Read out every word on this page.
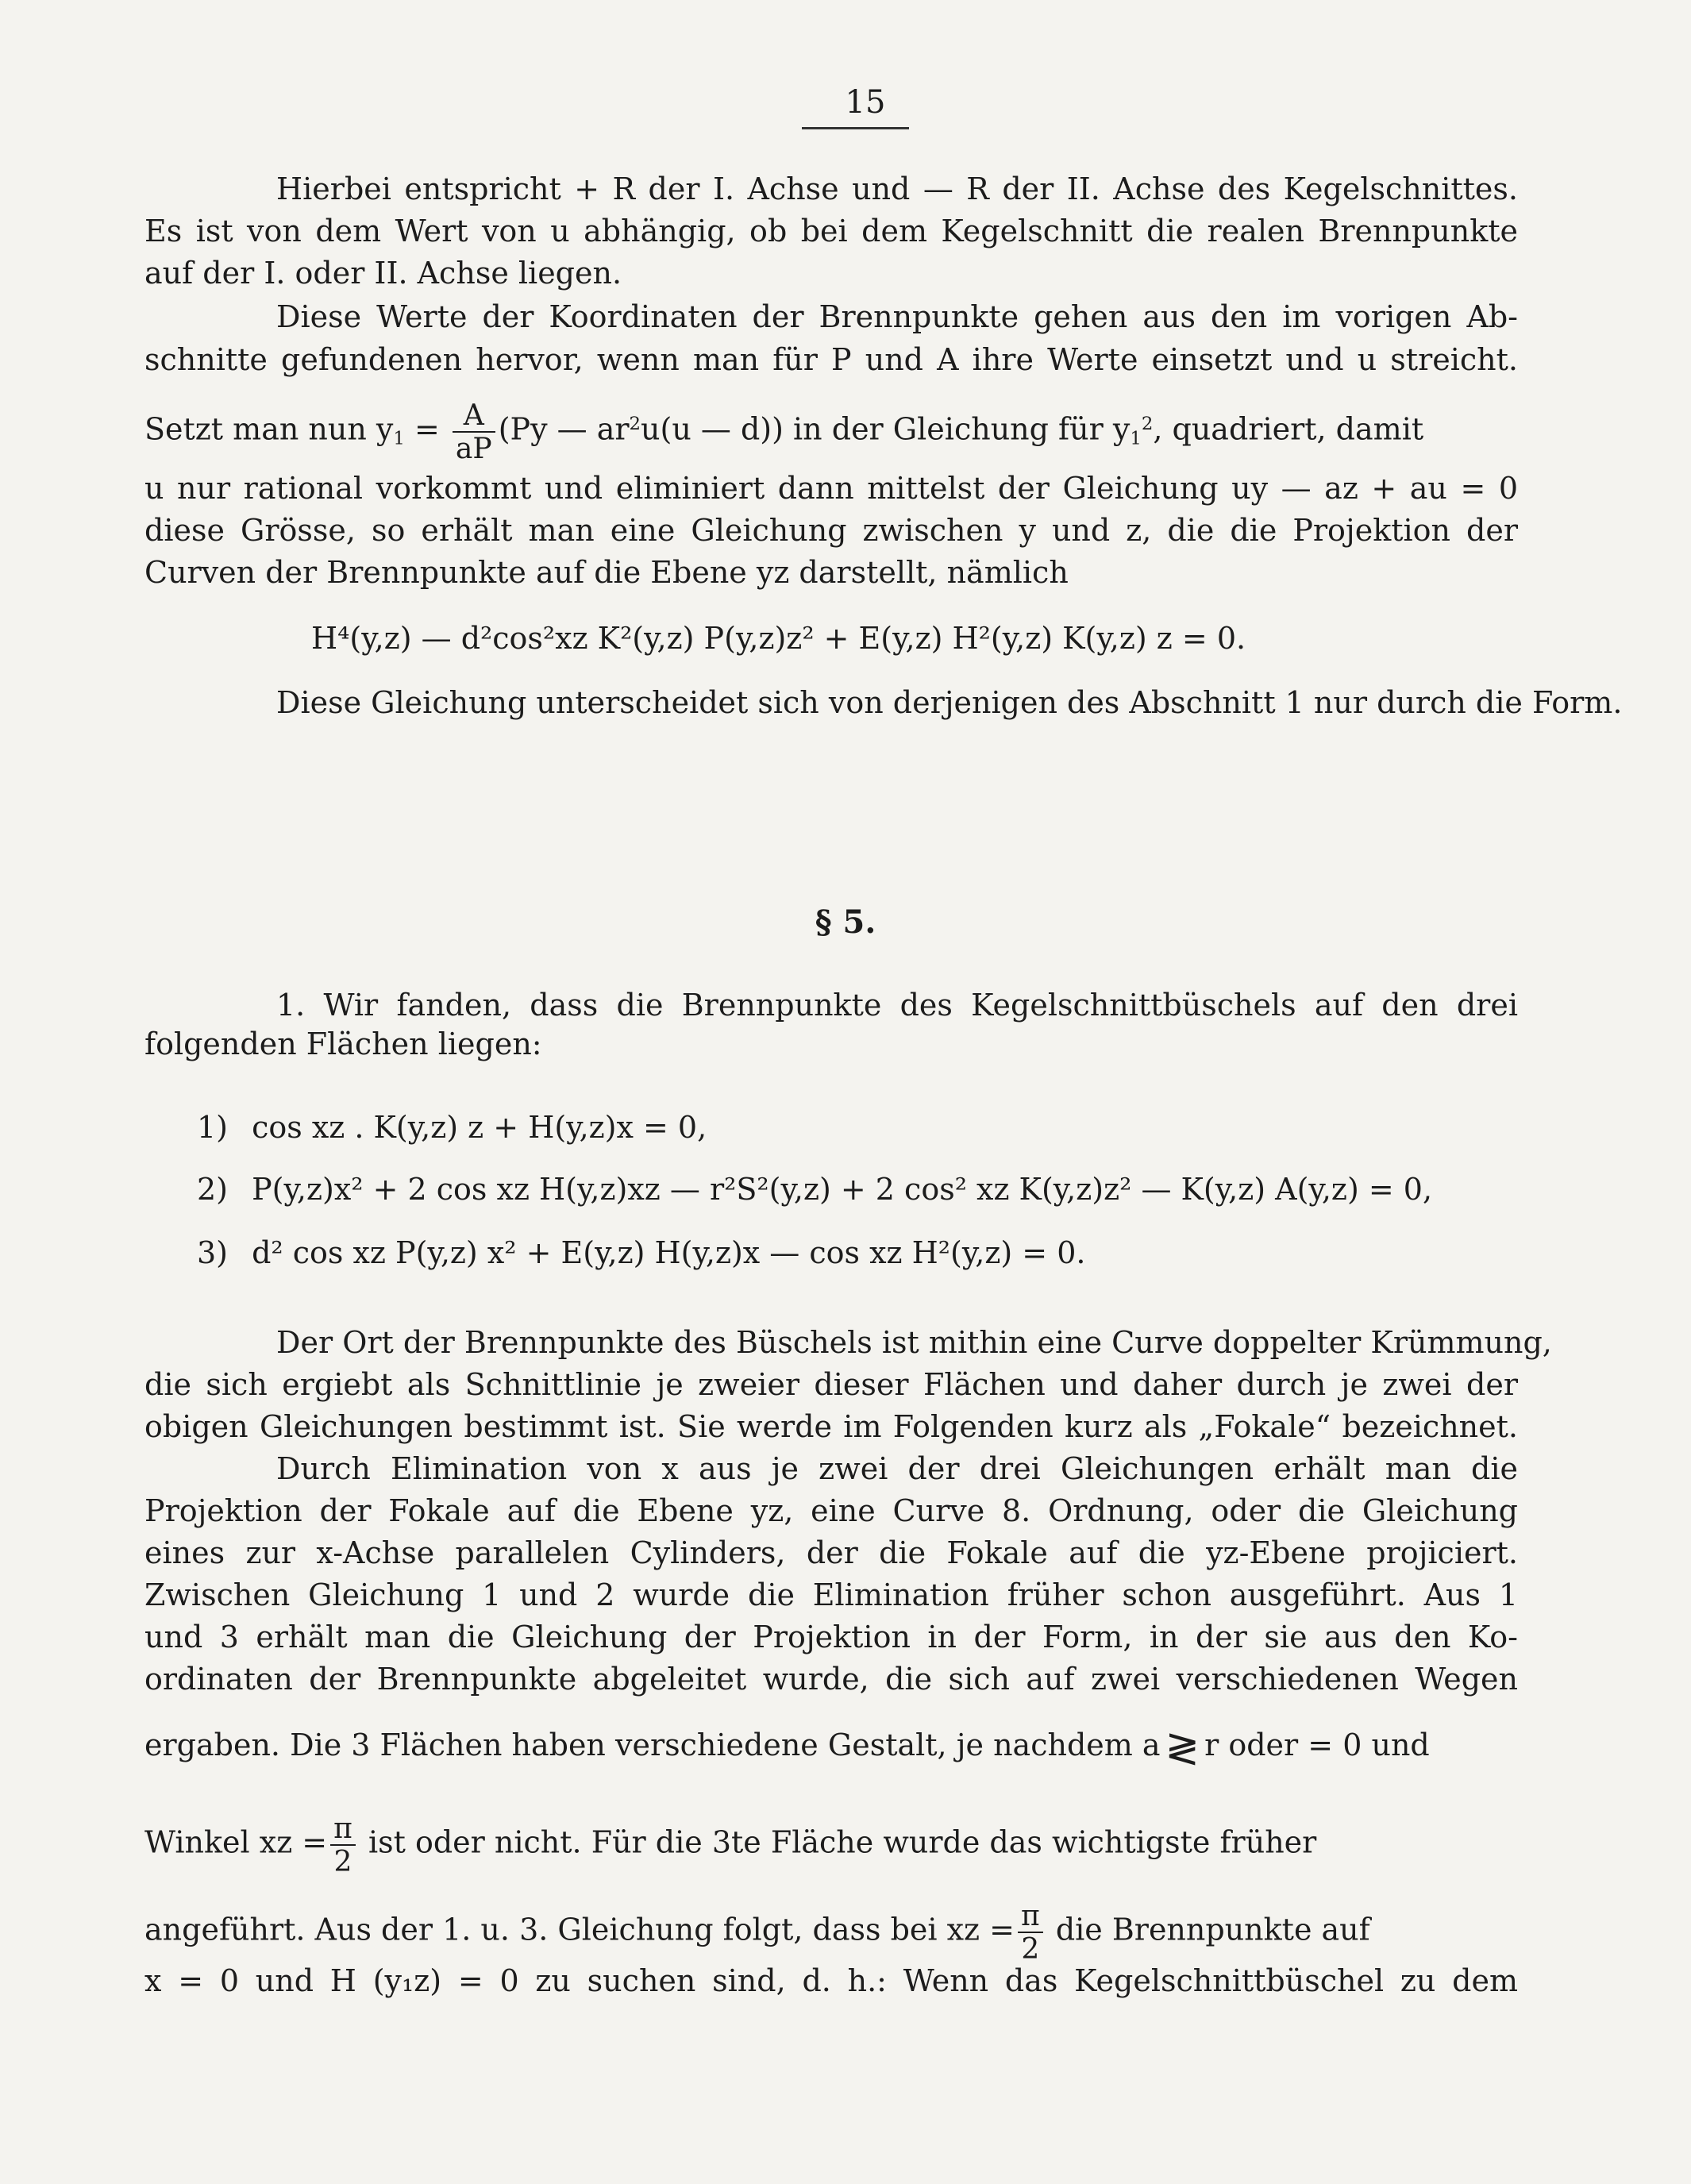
15
Hierbei entspricht + R der I. Achse und — R der II. Achse des Kegelschnittes.
Es ist von dem Wert von u abhängig, ob bei dem Kegelschnitt die realen Brennpunkte
auf der I. oder II. Achse liegen.
Diese Werte der Koordinaten der Brennpunkte gehen aus den im vorigen Ab-
schnitte gefundenen hervor, wenn man für P und A ihre Werte einsetzt und u streicht.
Setzt man nun $y_1 = \frac{A}{aP} (Py$ — $ar^2u(u$ — d)) in der Gleichung für $y_1^2$, quadriert, damit
u nur rational vorkommt und eliminiert dann mittelst der Gleichung uy — az + au = 0
diese Grösse, so erhält man eine Gleichung zwischen y und z, die die Projektion der
Curven der Brennpunkte auf die Ebene yz darstellt, nämlich
H⁴(y,z) — d²cos²xz K²(y,z) P(y,z)z² + E(y,z) H²(y,z) K(y,z) z = 0.
Diese Gleichung unterscheidet sich von derjenigen des Abschnitt 1 nur durch die Form.
§ 5.
1. Wir fanden, dass die Brennpunkte des Kegelschnittbüschels auf den drei
folgenden Flächen liegen:
1) cos xz . K(y,z) z + H(y,z)x = 0,
2) P(y,z)x² + 2 cos xz H(y,z)xz — r²S²(y,z) + 2 cos² xz K(y,z)z² — K(y,z) A(y,z) = 0,
3) d² cos xz P(y,z) x² + E(y,z) H(y,z)x — cos xz H²(y,z) = 0.
Der Ort der Brennpunkte des Büschels ist mithin eine Curve doppelter Krümmung,
die sich ergiebt als Schnittlinie je zweier dieser Flächen und daher durch je zwei der
obigen Gleichungen bestimmt ist. Sie werde im Folgenden kurz als „Fokale“ bezeichnet.
Durch Elimination von x aus je zwei der drei Gleichungen erhält man die
Projektion der Fokale auf die Ebene yz, eine Curve 8. Ordnung, oder die Gleichung
eines zur x-Achse parallelen Cylinders, der die Fokale auf die yz-Ebene projiciert.
Zwischen Gleichung 1 und 2 wurde die Elimination früher schon ausgeführt. Aus 1
und 3 erhält man die Gleichung der Projektion in der Form, in der sie aus den Ko-
ordinaten der Brennpunkte abgeleitet wurde, die sich auf zwei verschiedenen Wegen
ergaben. Die 3 Flächen haben verschiedene Gestalt, je nachdem a ≷ r oder = 0 und
Winkel xz = $\frac{\pi}{2}$ ist oder nicht. Für die 3te Fläche wurde das wichtigste früher
angeführt. Aus der 1. u. 3. Gleichung folgt, dass bei xz = $\frac{\pi}{2}$ die Brennpunkte auf
x = 0 und H (y₁z) = 0 zu suchen sind, d. h.: Wenn das Kegelschnittbüschel zu dem
